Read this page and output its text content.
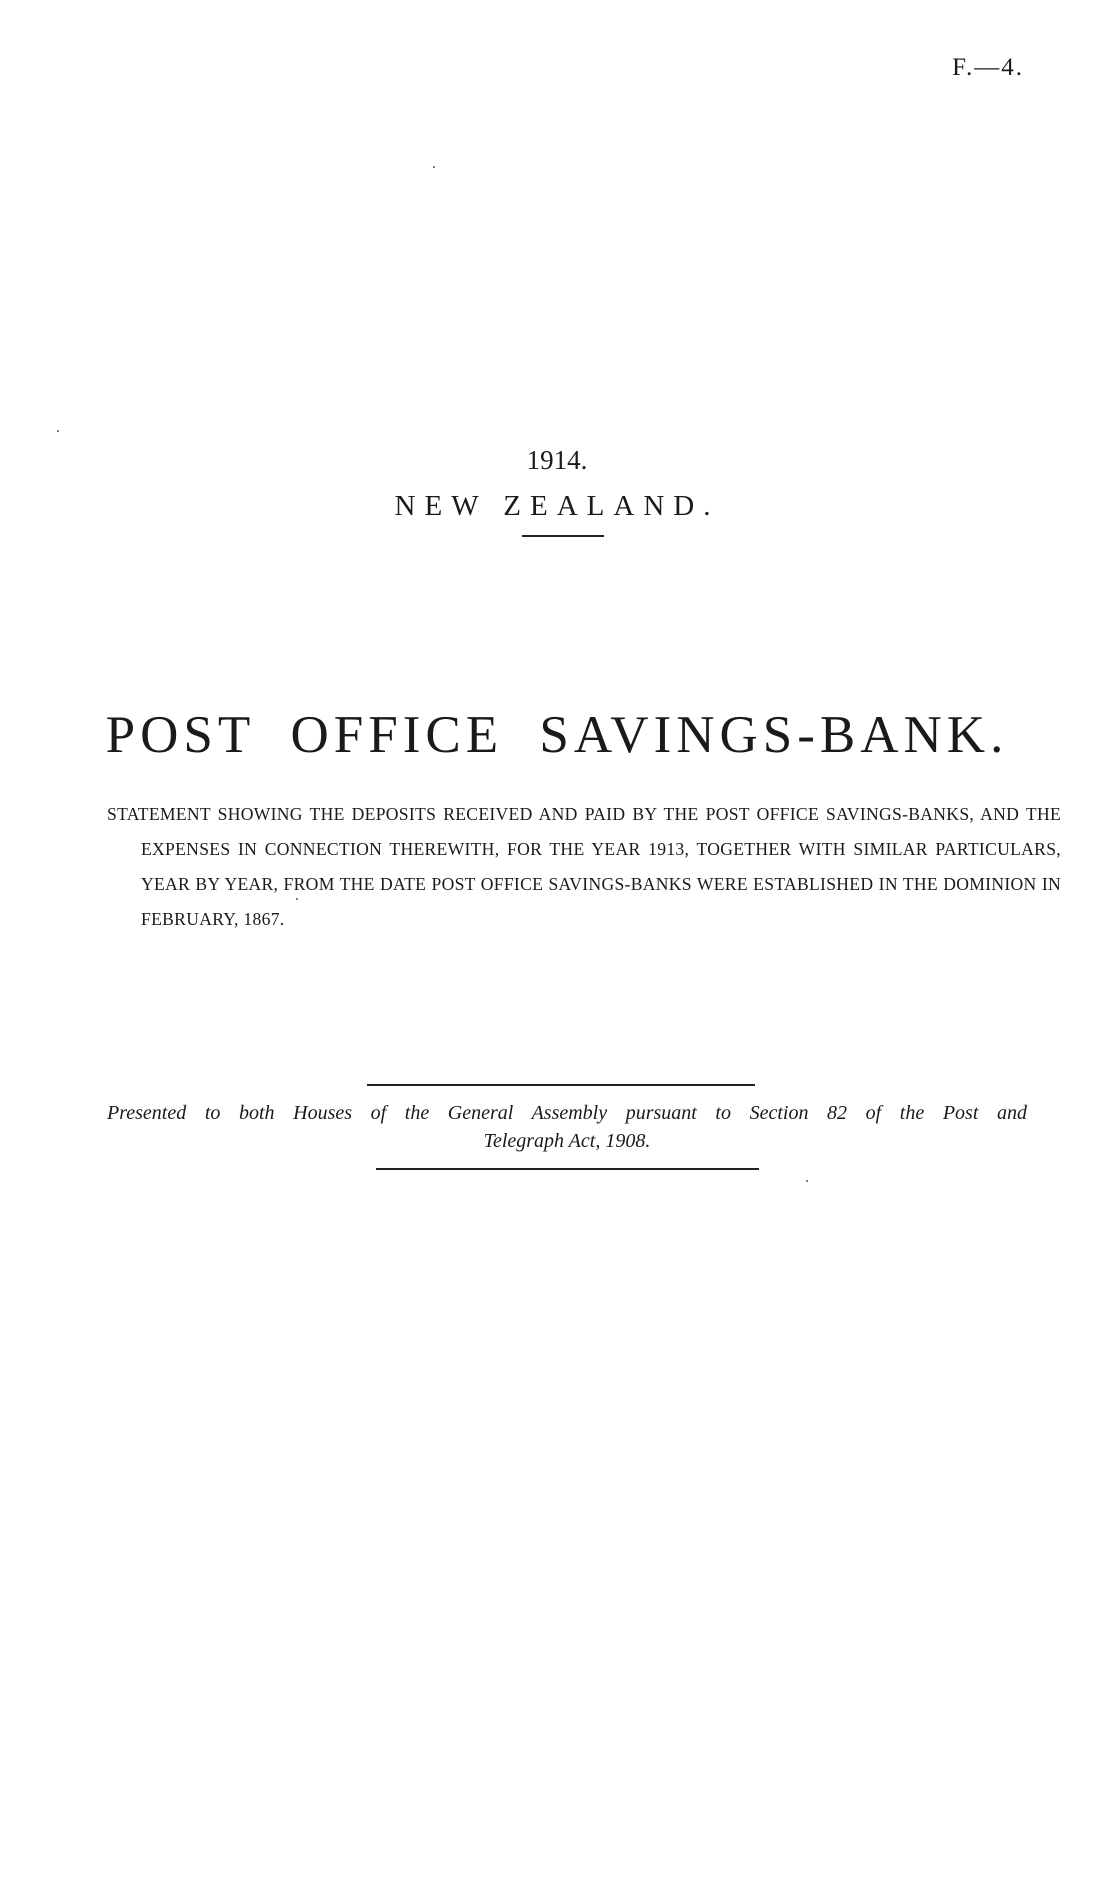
F.—4.
1914.
NEW ZEALAND.
POST OFFICE SAVINGS-BANK.
STATEMENT SHOWING THE DEPOSITS RECEIVED AND PAID BY THE POST OFFICE SAVINGS-BANKS, AND THE EXPENSES IN CONNECTION THEREWITH, FOR THE YEAR 1913, TOGETHER WITH SIMILAR PARTICULARS, YEAR BY YEAR, FROM THE DATE POST OFFICE SAVINGS-BANKS WERE ESTABLISHED IN THE DOMINION IN FEBRUARY, 1867.
Presented to both Houses of the General Assembly pursuant to Section 82 of the Post and
Telegraph Act, 1908.
